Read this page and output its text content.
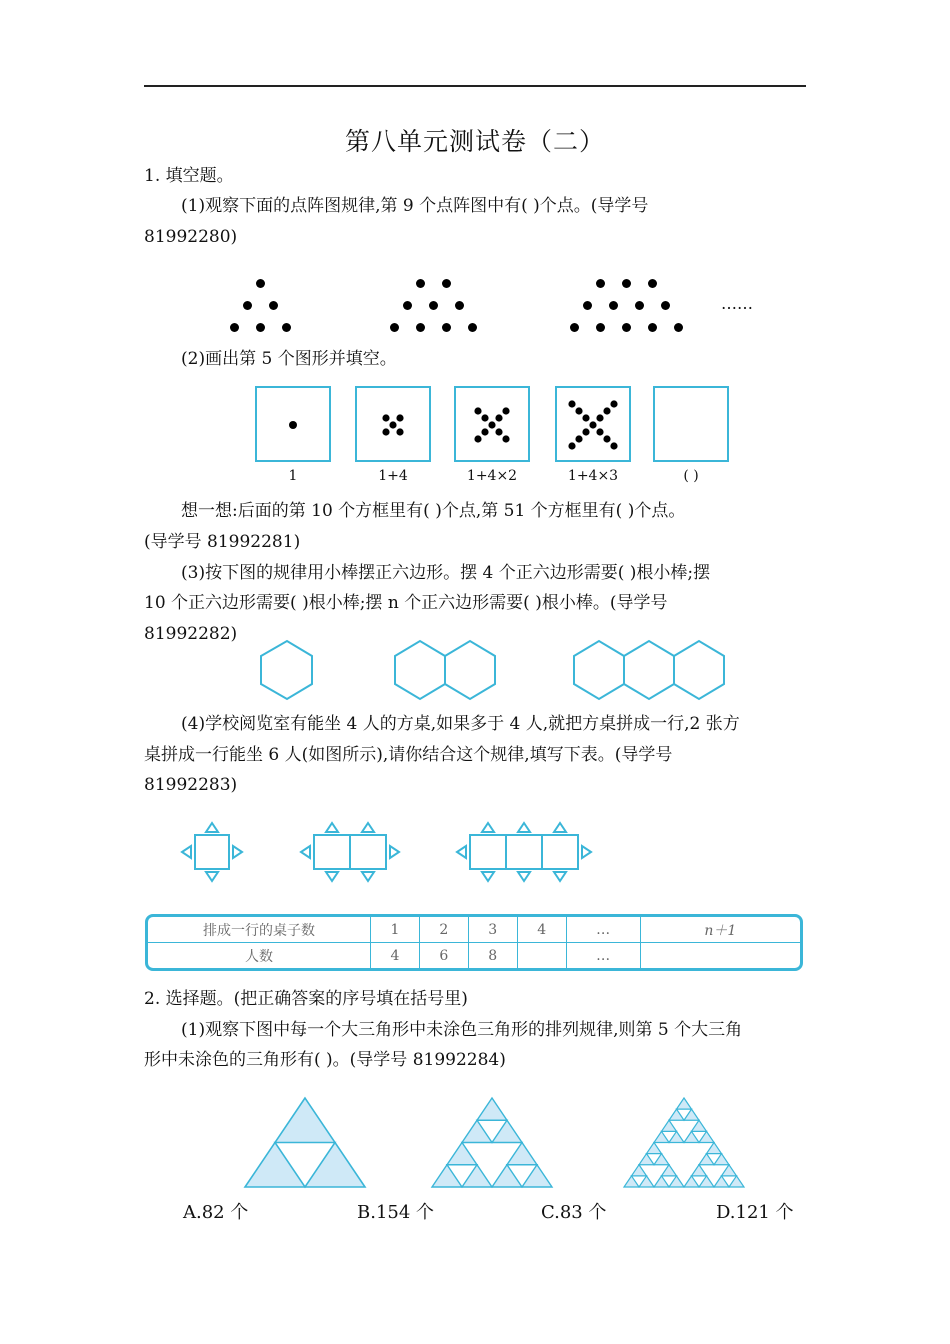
第八单元测试卷（二）
1. 填空题。
(1)观察下面的点阵图规律,第 9 个点阵图中有( )个点。(导学号
81992280)
……
(2)画出第 5 个图形并填空。
1	1+4	1+4×2	1+4×3	( )
想一想:后面的第 10 个方框里有( )个点,第 51 个方框里有( )个点。
(导学号 81992281)
(3)按下图的规律用小棒摆正六边形。摆 4 个正六边形需要( )根小棒;摆
10 个正六边形需要( )根小棒;摆 n 个正六边形需要( )根小棒。(导学号
81992282)
(4)学校阅览室有能坐 4 人的方桌,如果多于 4 人,就把方桌拼成一行,2 张方
桌拼成一行能坐 6 人(如图所示),请你结合这个规律,填写下表。(导学号
81992283)
排成一行的桌子数	1	2	3	4	…	n＋1
人数	4	6	8		…	
2. 选择题。(把正确答案的序号填在括号里)
(1)观察下图中每一个大三角形中未涂色三角形的排列规律,则第 5 个大三角
形中未涂色的三角形有( )。(导学号 81992284)
A.82 个	B.154 个	C.83 个	D.121 个
